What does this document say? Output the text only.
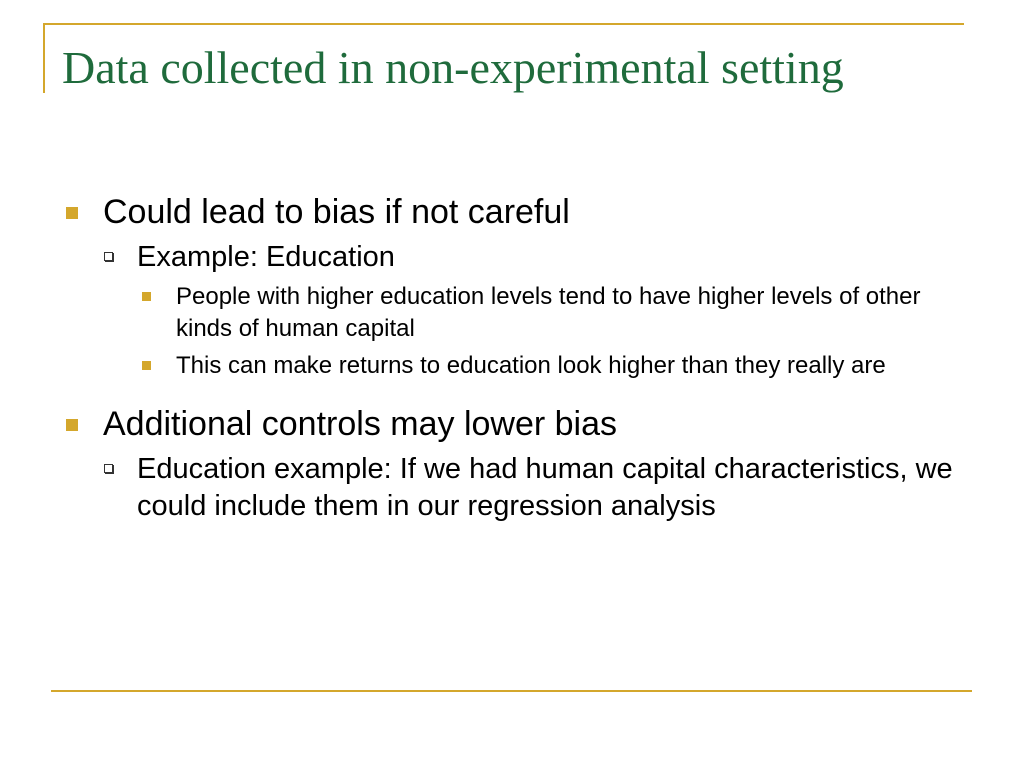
Data collected in non-experimental setting
Could lead to bias if not careful
Example: Education
People with higher education levels tend to have higher levels of other kinds of human capital
This can make returns to education look higher than they really are
Additional controls may lower bias
Education example: If we had human capital characteristics, we could include them in our regression analysis
